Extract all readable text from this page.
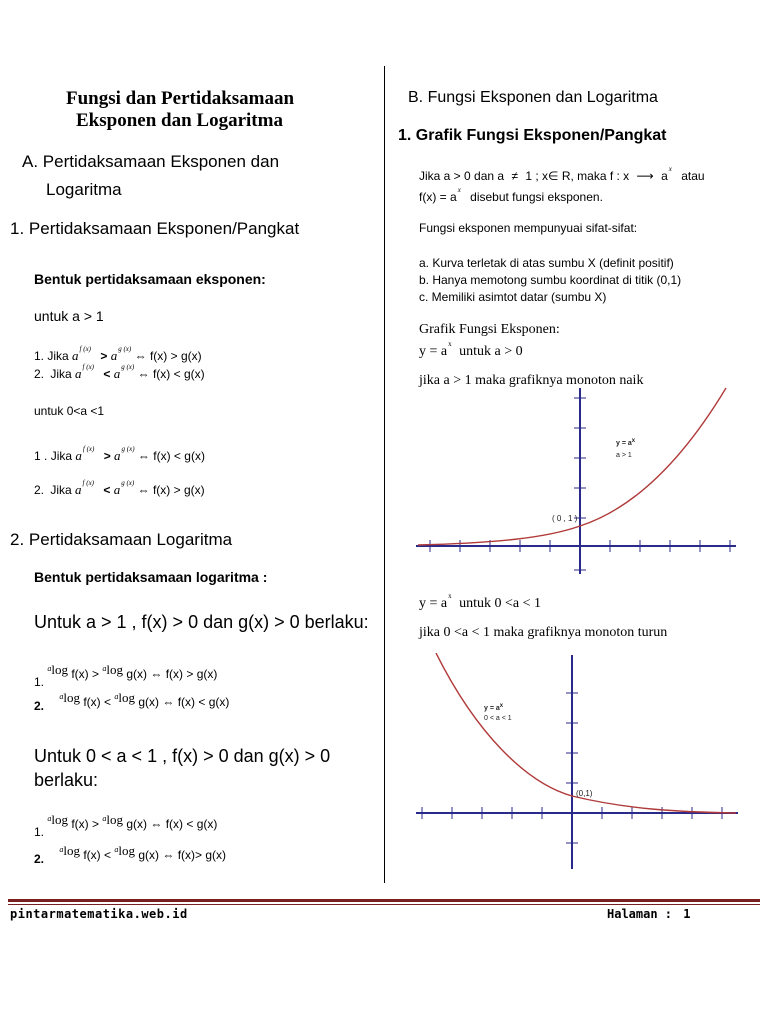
Fungsi dan Pertidaksamaan
Eksponen dan Logaritma
A. Pertidaksamaan Eksponen dan
Logaritma
1. Pertidaksamaan Eksponen/Pangkat
Bentuk pertidaksamaan eksponen:
untuk a > 1
1. Jika $a^{f (x)} > a^{g (x)}$ ⇔ f(x) > g(x)
2. Jika $a^{f (x)} < a^{g (x)}$ ⇔ f(x) < g(x)
untuk 0<a <1
1 . Jika $a^{f (x)} > a^{g (x)}$ ⇔ f(x) < g(x)
2. Jika $a^{f (x)} < a^{g (x)}$ ⇔ f(x) > g(x)
2. Pertidaksamaan Logaritma
Bentuk pertidaksamaan logaritma :
Untuk a > 1 , f(x) > 0 dan g(x) > 0 berlaku:
1. $^a$log f(x) > $^a$log g(x) ⇔ f(x) > g(x)
2. $^a$log f(x) < $^a$log g(x) ⇔ f(x) < g(x)
Untuk 0 < a < 1 , f(x) > 0 dan g(x) > 0
berlaku:
1. $^a$log f(x) > $^a$log g(x) ⇔ f(x) < g(x)
2. $^a$log f(x) < $^a$log g(x) ⇔ f(x)> g(x)
B. Fungsi Eksponen dan Logaritma
1. Grafik Fungsi Eksponen/Pangkat
Jika a > 0 dan a ≠ 1 ; x∈ R, maka f : x ⟶ $a^x$ atau
$f(x) = a^x$ disebut fungsi eksponen.
Fungsi eksponen mempunyuai sifat-sifat:
a. Kurva terletak di atas sumbu X (definit positif)
b. Hanya memotong sumbu koordinat di titik (0,1)
c. Memiliki asimtot datar (sumbu X)
Grafik Fungsi Eksponen:
$y = a^x$ untuk a > 0
jika a > 1 maka grafiknya monoton naik
y = ax
a > 1
( 0 , 1 )
$y = a^x$ untuk 0 <a < 1
jika 0 <a < 1 maka grafiknya monoton turun
y = ax
0 < a < 1
(0,1)
pintarmatematika.web.id	Halaman : 1
